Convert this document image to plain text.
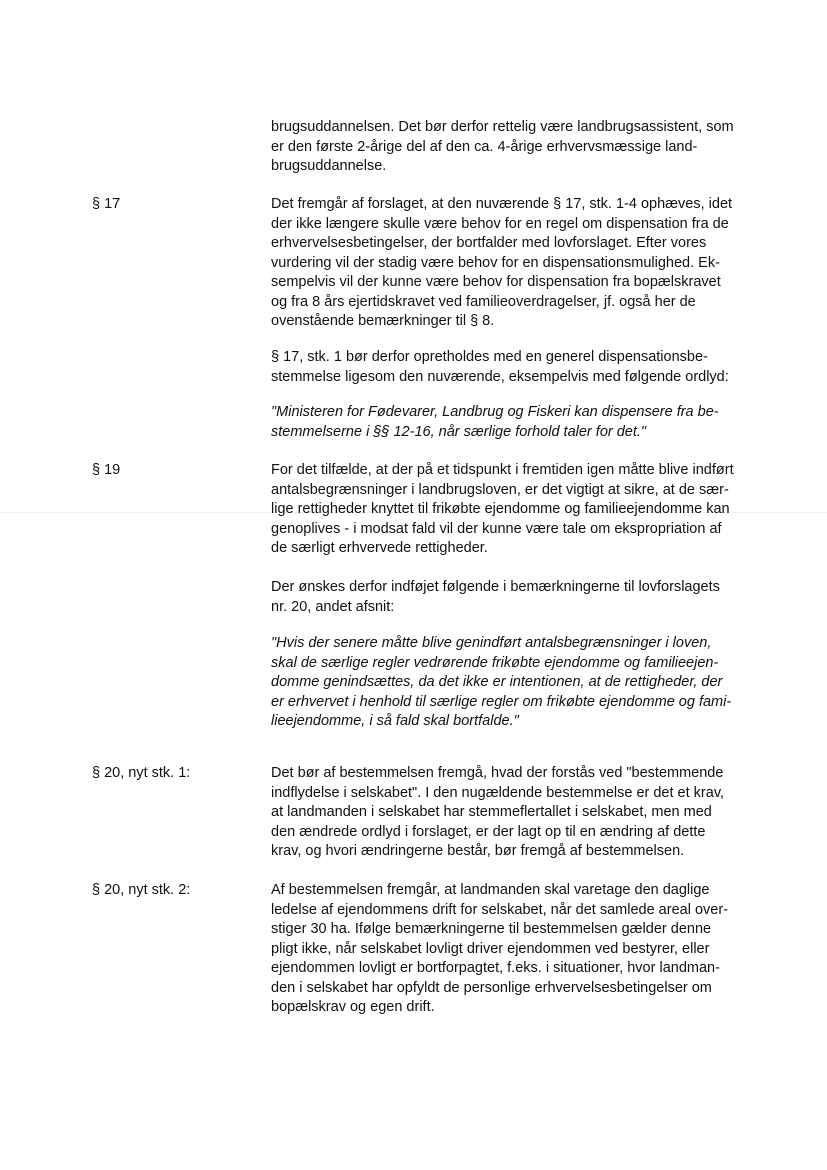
brugsuddannelsen. Det bør derfor rettelig være landbrugsassistent, som
er den første 2-årige del af den ca. 4-årige erhvervsmæssige land-
brugsuddannelse.
§ 17	Det fremgår af forslaget, at den nuværende § 17, stk. 1-4 ophæves, idet
der ikke længere skulle være behov for en regel om dispensation fra de
erhvervelsesbetingelser, der bortfalder med lovforslaget. Efter vores
vurdering vil der stadig være behov for en dispensationsmulighed. Ek-
sempelvis vil der kunne være behov for dispensation fra bopælskravet
og fra 8 års ejertidskravet ved familieoverdragelser, jf. også her de
ovenstående bemærkninger til § 8.
§ 17, stk. 1 bør derfor opretholdes med en generel dispensationsbe-
stemmelse ligesom den nuværende, eksempelvis med følgende ordlyd:
"Ministeren for Fødevarer, Landbrug og Fiskeri kan dispensere fra be-
stemmelserne i §§ 12-16, når særlige forhold taler for det."
§ 19	For det tilfælde, at der på et tidspunkt i fremtiden igen måtte blive indført
antalsbegrænsninger i landbrugsloven, er det vigtigt at sikre, at de sær-
lige rettigheder knyttet til frikøbte ejendomme og familieejendomme kan
genoplives - i modsat fald vil der kunne være tale om ekspropriation af
de særligt erhvervede rettigheder.
Der ønskes derfor indføjet følgende i bemærkningerne til lovforslagets
nr. 20, andet afsnit:
"Hvis der senere måtte blive genindført antalsbegrænsninger i loven,
skal de særlige regler vedrørende frikøbte ejendomme og familieejen-
domme genindsættes, da det ikke er intentionen, at de rettigheder, der
er erhvervet i henhold til særlige regler om frikøbte ejendomme og fami-
lieejendomme, i så fald skal bortfalde."
§ 20, nyt stk. 1:	Det bør af bestemmelsen fremgå, hvad der forstås ved "bestemmende
indflydelse i selskabet". I den nugældende bestemmelse er det et krav,
at landmanden i selskabet har stemmeflertallet i selskabet, men med
den ændrede ordlyd i forslaget, er der lagt op til en ændring af dette
krav, og hvori ændringerne består, bør fremgå af bestemmelsen.
§ 20, nyt stk. 2:	Af bestemmelsen fremgår, at landmanden skal varetage den daglige
ledelse af ejendommens drift for selskabet, når det samlede areal over-
stiger 30 ha. Ifølge bemærkningerne til bestemmelsen gælder denne
pligt ikke, når selskabet lovligt driver ejendommen ved bestyrer, eller
ejendommen lovligt er bortforpagtet, f.eks. i situationer, hvor landman-
den i selskabet har opfyldt de personlige erhvervelsesbetingelser om
bopælskrav og egen drift.
